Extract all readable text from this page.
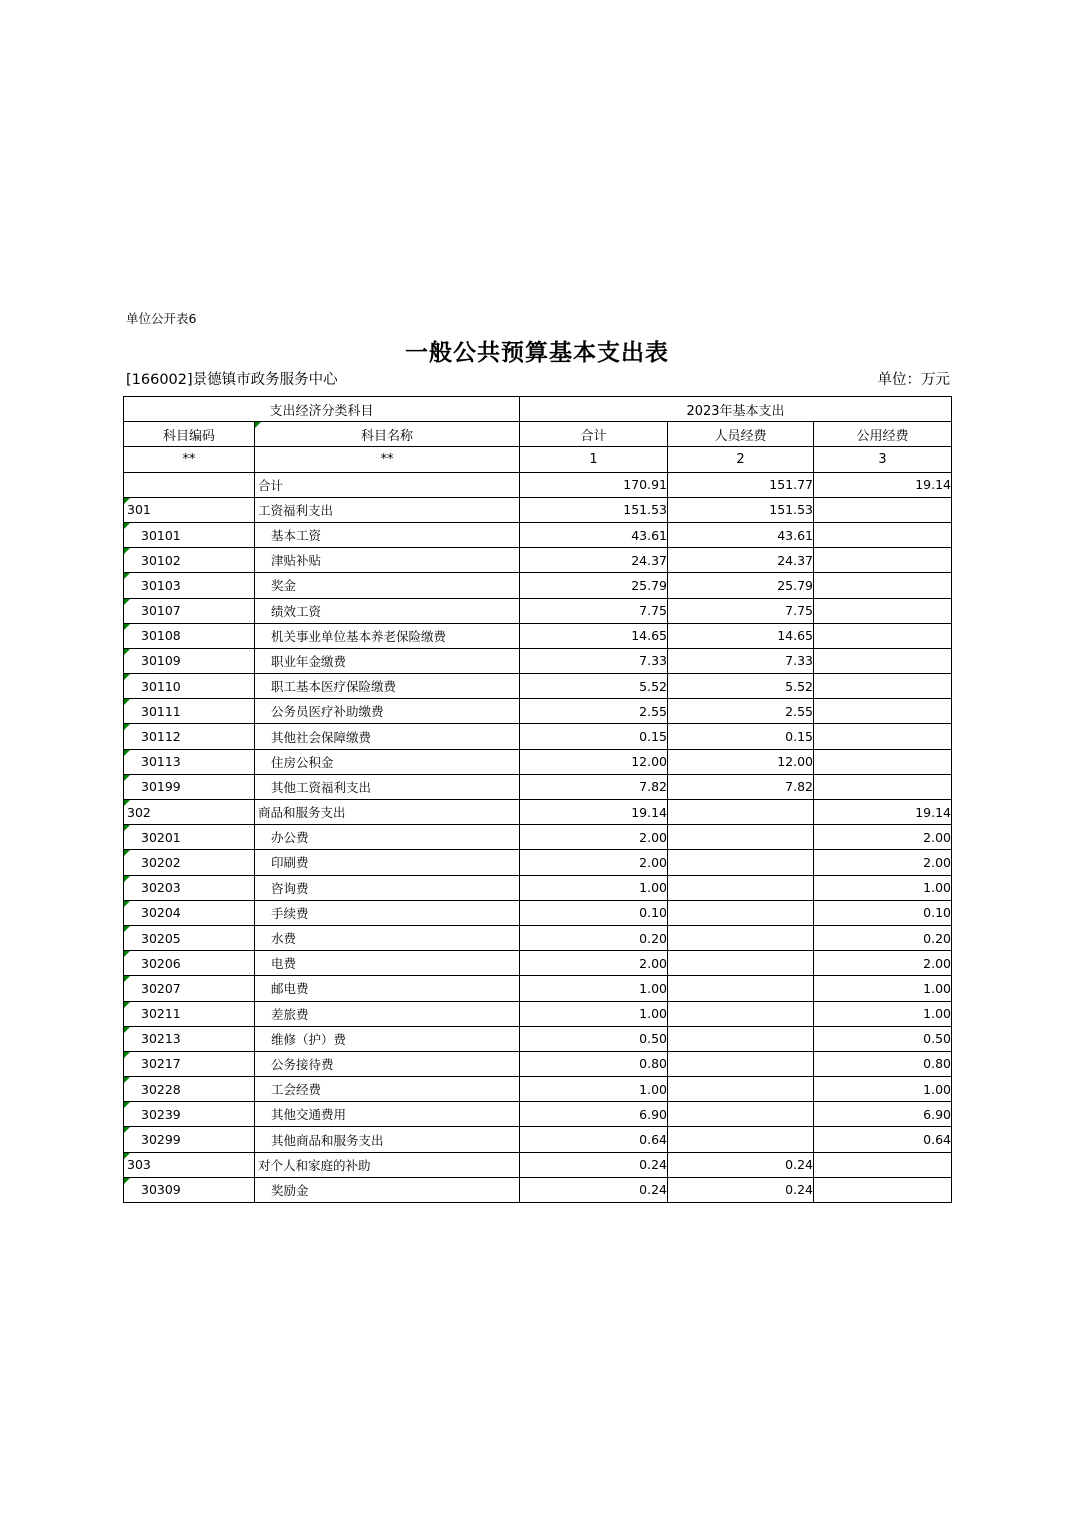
单位公开表6
一般公共预算基本支出表
[166002]景德镇市政务服务中心	单位：万元
支出经济分类科目		2023年基本支出		
科目编码	科目名称	合计	人员经费	公用经费
**	**	1	2	3
	合计	170.91	151.77	19.14

301	工资福利支出	151.53	151.53	

30101	基本工资	43.61	43.61	

30102	津贴补贴	24.37	24.37	

30103	奖金	25.79	25.79	

30107	绩效工资	7.75	7.75	

30108	机关事业单位基本养老保险缴费	14.65	14.65	

30109	职业年金缴费	7.33	7.33	

30110	职工基本医疗保险缴费	5.52	5.52	

30111	公务员医疗补助缴费	2.55	2.55	

30112	其他社会保障缴费	0.15	0.15	

30113	住房公积金	12.00	12.00	

30199	其他工资福利支出	7.82	7.82	

302	商品和服务支出	19.14		19.14

30201	办公费	2.00		2.00

30202	印刷费	2.00		2.00

30203	咨询费	1.00		1.00

30204	手续费	0.10		0.10

30205	水费	0.20		0.20

30206	电费	2.00		2.00

30207	邮电费	1.00		1.00

30211	差旅费	1.00		1.00

30213	维修（护）费	0.50		0.50

30217	公务接待费	0.80		0.80

30228	工会经费	1.00		1.00

30239	其他交通费用	6.90		6.90

30299	其他商品和服务支出	0.64		0.64

303	对个人和家庭的补助	0.24	0.24	

30309	奖励金	0.24	0.24	
